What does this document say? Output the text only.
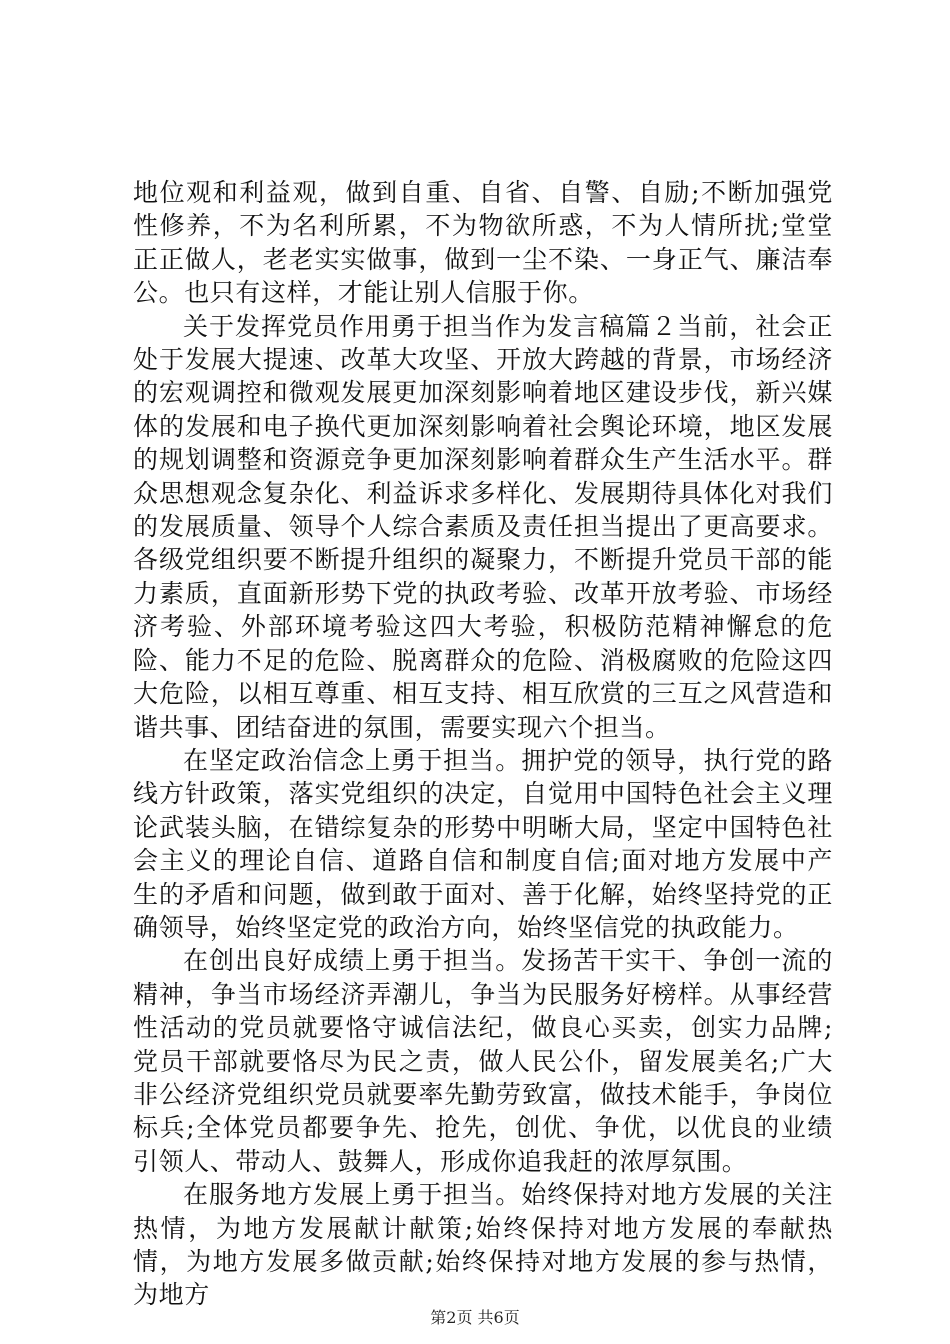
地位观和利益观，做到自重、自省、自警、自励;不断加强党性修养，不为名利所累，不为物欲所惑，不为人情所扰;堂堂正正做人，老老实实做事，做到一尘不染、一身正气、廉洁奉公。也只有这样，才能让别人信服于你。

关于发挥党员作用勇于担当作为发言稿篇２当前，社会正处于发展大提速、改革大攻坚、开放大跨越的背景，市场经济的宏观调控和微观发展更加深刻影响着地区建设步伐，新兴媒体的发展和电子换代更加深刻影响着社会舆论环境，地区发展的规划调整和资源竞争更加深刻影响着群众生产生活水平。群众思想观念复杂化、利益诉求多样化、发展期待具体化对我们的发展质量、领导个人综合素质及责任担当提出了更高要求。各级党组织要不断提升组织的凝聚力，不断提升党员干部的能力素质，直面新形势下党的执政考验、改革开放考验、市场经济考验、外部环境考验这四大考验，积极防范精神懈怠的危险、能力不足的危险、脱离群众的危险、消极腐败的危险这四大危险，以相互尊重、相互支持、相互欣赏的三互之风营造和谐共事、团结奋进的氛围，需要实现六个担当。

在坚定政治信念上勇于担当。拥护党的领导，执行党的路线方针政策，落实党组织的决定，自觉用中国特色社会主义理论武装头脑，在错综复杂的形势中明晰大局，坚定中国特色社会主义的理论自信、道路自信和制度自信;面对地方发展中产生的矛盾和问题，做到敢于面对、善于化解，始终坚持党的正确领导，始终坚定党的政治方向，始终坚信党的执政能力。

在创出良好成绩上勇于担当。发扬苦干实干、争创一流的精神，争当市场经济弄潮儿，争当为民服务好榜样。从事经营性活动的党员就要恪守诚信法纪，做良心买卖，创实力品牌;党员干部就要恪尽为民之责，做人民公仆，留发展美名;广大非公经济党组织党员就要率先勤劳致富，做技术能手，争岗位标兵;全体党员都要争先、抢先，创优、争优，以优良的业绩引领人、带动人、鼓舞人，形成你追我赶的浓厚氛围。

在服务地方发展上勇于担当。始终保持对地方发展的关注热情，为地方发展献计献策;始终保持对地方发展的奉献热情，为地方发展多做贡献;始终保持对地方发展的参与热情，为地方

第2页 共6页
